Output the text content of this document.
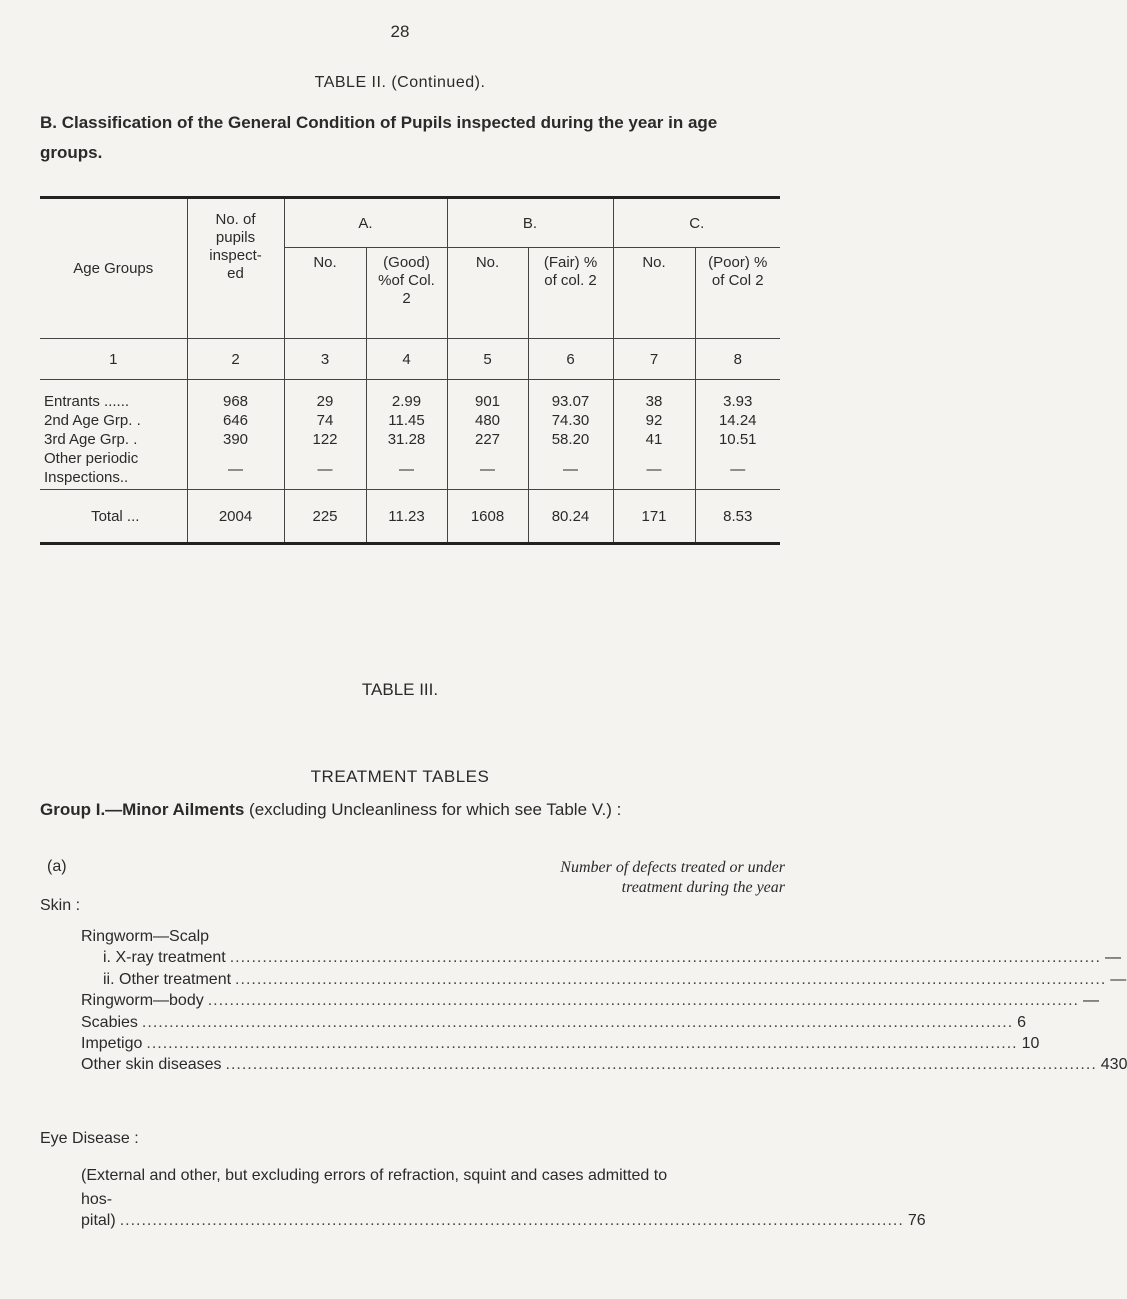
28
TABLE II. (Continued).
B. Classification of the General Condition of Pupils inspected during the year in age groups.

Age Groups	No. of pupils inspect- ed	A.		B.		C.	
		No.	(Good) %of Col. 2	No.	(Fair) % of col. 2	No.	(Poor) % of Col 2
1	2	3	4	5	6	7	8
Entrants ......	968	29	2.99	901	93.07	38	3.93
2nd Age Grp. .	646	74	11.45	480	74.30	92	14.24
3rd Age Grp. .	390	122	31.28	227	58.20	41	10.51
Other periodic Inspections..	—	—	—	—	—	—	—
Total ...	2004	225	11.23	1608	80.24	171	8.53

TABLE III.
TREATMENT TABLES
Group I.—Minor Ailments (excluding Uncleanliness for which see Table V.) :
(a)	Number of defects treated or under treatment during the year
Skin :
Ringworm—Scalp
i. X-ray treatment ................................................................................................................................................................ —
ii. Other treatment ................................................................................................................................................................ —
Ringworm—body ................................................................................................................................................................ —
Scabies ................................................................................................................................................................ 6
Impetigo ................................................................................................................................................................ 10
Other skin diseases ................................................................................................................................................................ 430
Eye Disease :
(External and other, but excluding errors of refraction, squint and cases admitted to hos-
pital) ................................................................................................................................................ 76
